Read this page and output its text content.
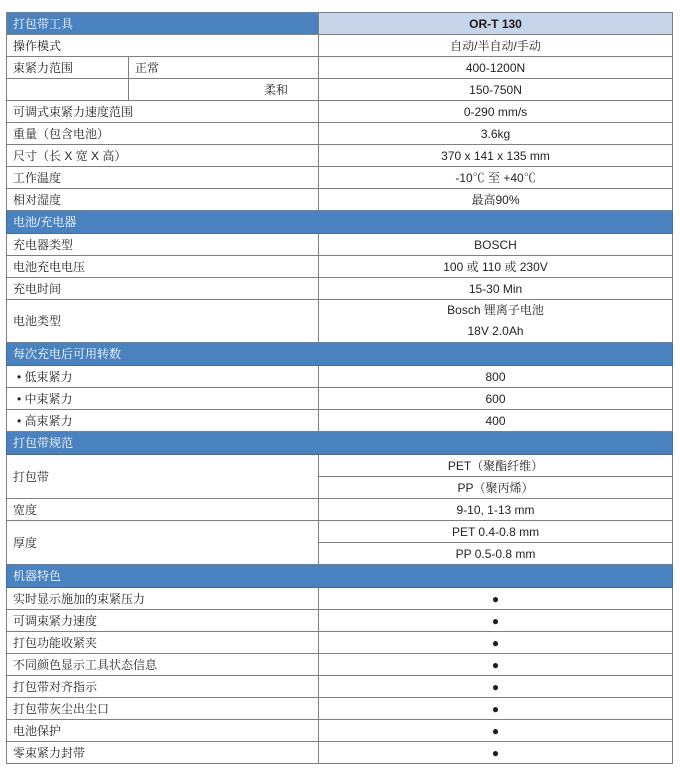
打包带工具		OR-T 130

操作模式		自动/半自动/手动

束紧力范围	正常	400-1200N

	柔和	150-750N

可调式束紧力速度范围		0-290 mm/s

重量（包含电池）		3.6kg

尺寸（长 X 宽 X 高）		370 x 141 x 135 mm

工作温度		-10℃ 至 +40℃

相对湿度		最高90%

电池/充电器		

充电器类型		BOSCH

电池充电电压		100 或 110 或 230V

充电时间		15-30 Min

电池类型		Bosch 锂离子电池
18V 2.0Ah

每次充电后可用转数		

• 低束紧力		800

• 中束紧力		600

• 高束紧力		400

打包带规范		

打包带		PET（聚酯纤维）

		PP（聚丙烯）

宽度		9-10, 1-13 mm

厚度		PET 0.4-0.8 mm

		PP 0.5-0.8 mm

机器特色		

实时显示施加的束紧压力		●

可调束紧力速度		●

打包功能收紧夹		●

不同颜色显示工具状态信息		●

打包带对齐指示		●

打包带灰尘出尘口		●

电池保护		●

零束紧力封带		●
